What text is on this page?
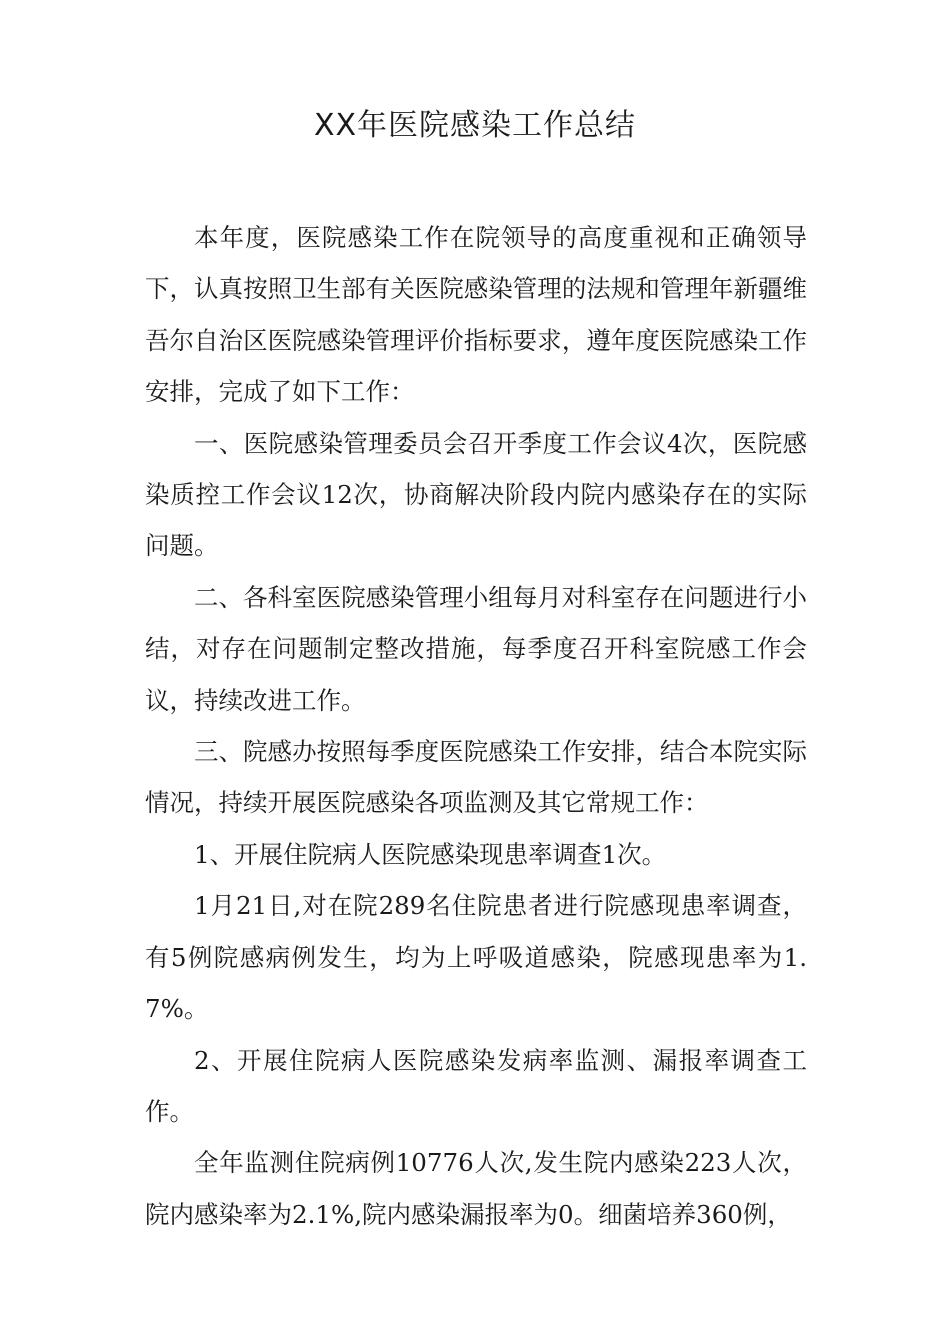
XX年医院感染工作总结

本年度，医院感染工作在院领导的高度重视和正确领导下，认真按照卫生部有关医院感染管理的法规和管理年新疆维吾尔自治区医院感染管理评价指标要求，遵年度医院感染工作安排，完成了如下工作：

一、医院感染管理委员会召开季度工作会议4次，医院感染质控工作会议12次，协商解决阶段内院内感染存在的实际问题。

二、各科室医院感染管理小组每月对科室存在问题进行小结，对存在问题制定整改措施，每季度召开科室院感工作会议，持续改进工作。

三、院感办按照每季度医院感染工作安排，结合本院实际情况，持续开展医院感染各项监测及其它常规工作：

1、开展住院病人医院感染现患率调查1次。

1月21日,对在院289名住院患者进行院感现患率调查，有5例院感病例发生，均为上呼吸道感染，院感现患率为1.7%。

2、开展住院病人医院感染发病率监测、漏报率调查工作。

全年监测住院病例10776人次,发生院内感染223人次，院内感染率为2.1%,院内感染漏报率为0。细菌培养360例，
